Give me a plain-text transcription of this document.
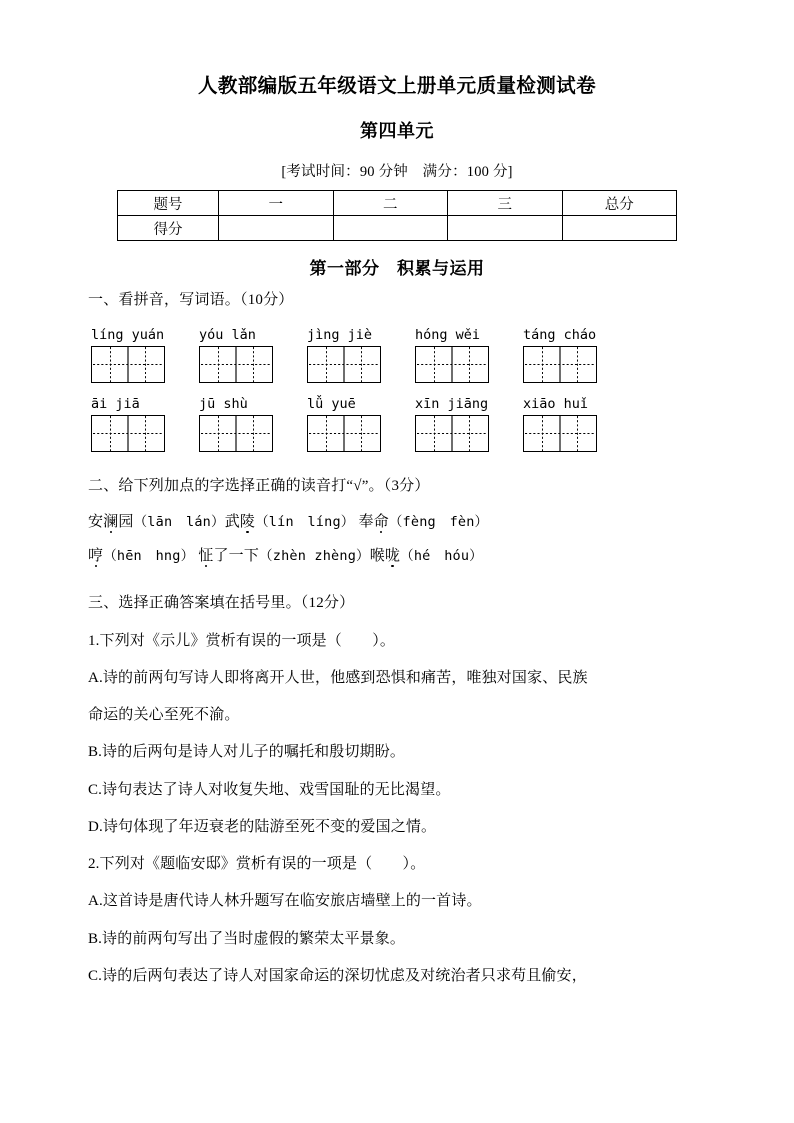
人教部编版五年级语文上册单元质量检测试卷
第四单元

[考试时间：90 分钟　满分：100 分]

题号	一	二	三	总分
得分				
第一部分　积累与运用

一、看拼音，写词语。（10分）

líng yuán	yóu lǎn	jìng jiè	hóng wěi	táng cháo
āi jiā	jū shù	lǚ yuē	xīn jiāng	xiāo huǐ

二、给下列加点的字选择正确的读音打“√”。（3分）

安澜园（lān　lán）武陵（lín　líng） 奉命（fèng　fèn）

哼（hēn　hng） 怔了一下（zhèn zhèng）喉咙（hé　hóu）

三、选择正确答案填在括号里。（12分）

1.下列对《示儿》赏析有误的一项是（　　）。

A.诗的前两句写诗人即将离开人世，他感到恐惧和痛苦，唯独对国家、民族

命运的关心至死不渝。

B.诗的后两句是诗人对儿子的嘱托和殷切期盼。

C.诗句表达了诗人对收复失地、戏雪国耻的无比渴望。

D.诗句体现了年迈衰老的陆游至死不变的爱国之情。

2.下列对《题临安邸》赏析有误的一项是（　　）。

A.这首诗是唐代诗人林升题写在临安旅店墙壁上的一首诗。

B.诗的前两句写出了当时虚假的繁荣太平景象。

C.诗的后两句表达了诗人对国家命运的深切忧虑及对统治者只求苟且偷安，
